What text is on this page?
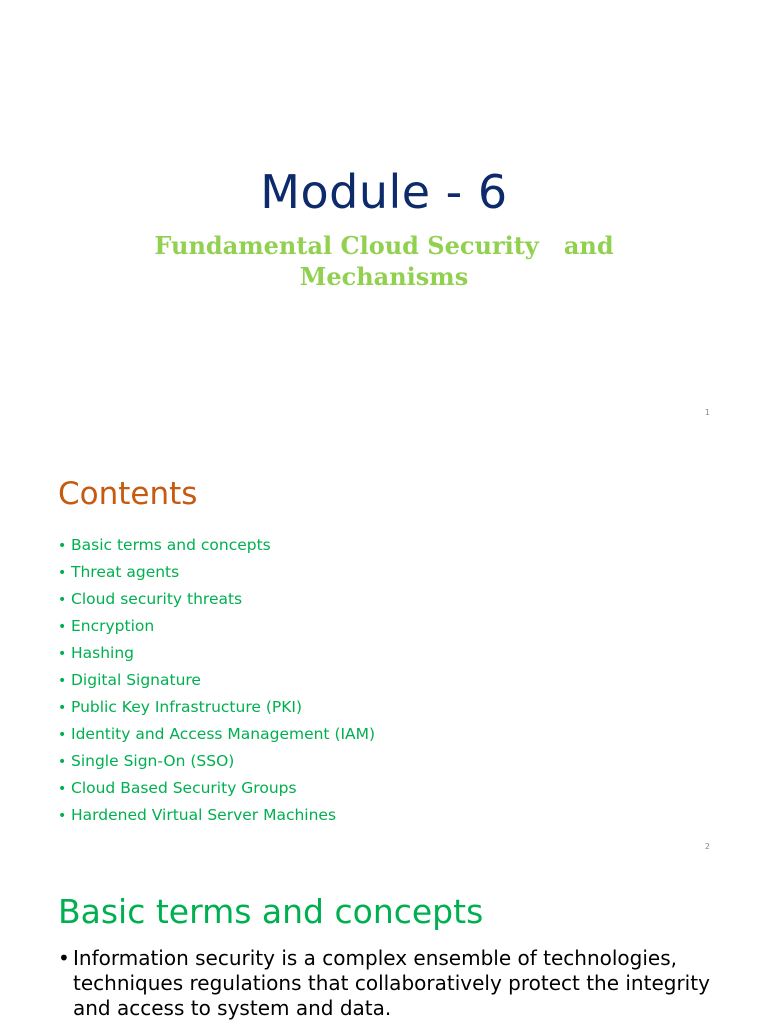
Module - 6
Fundamental Cloud Security   and
Mechanisms
1
Contents
• Basic terms and concepts
• Threat agents
• Cloud security threats
• Encryption
• Hashing
• Digital Signature
• Public Key Infrastructure (PKI)
• Identity and Access Management (IAM)
• Single Sign-On (SSO)
• Cloud Based Security Groups
• Hardened Virtual Server Machines
2
Basic terms and concepts
• Information security is a complex ensemble of technologies, techniques regulations that collaboratively protect the integrity and access to system and data.
